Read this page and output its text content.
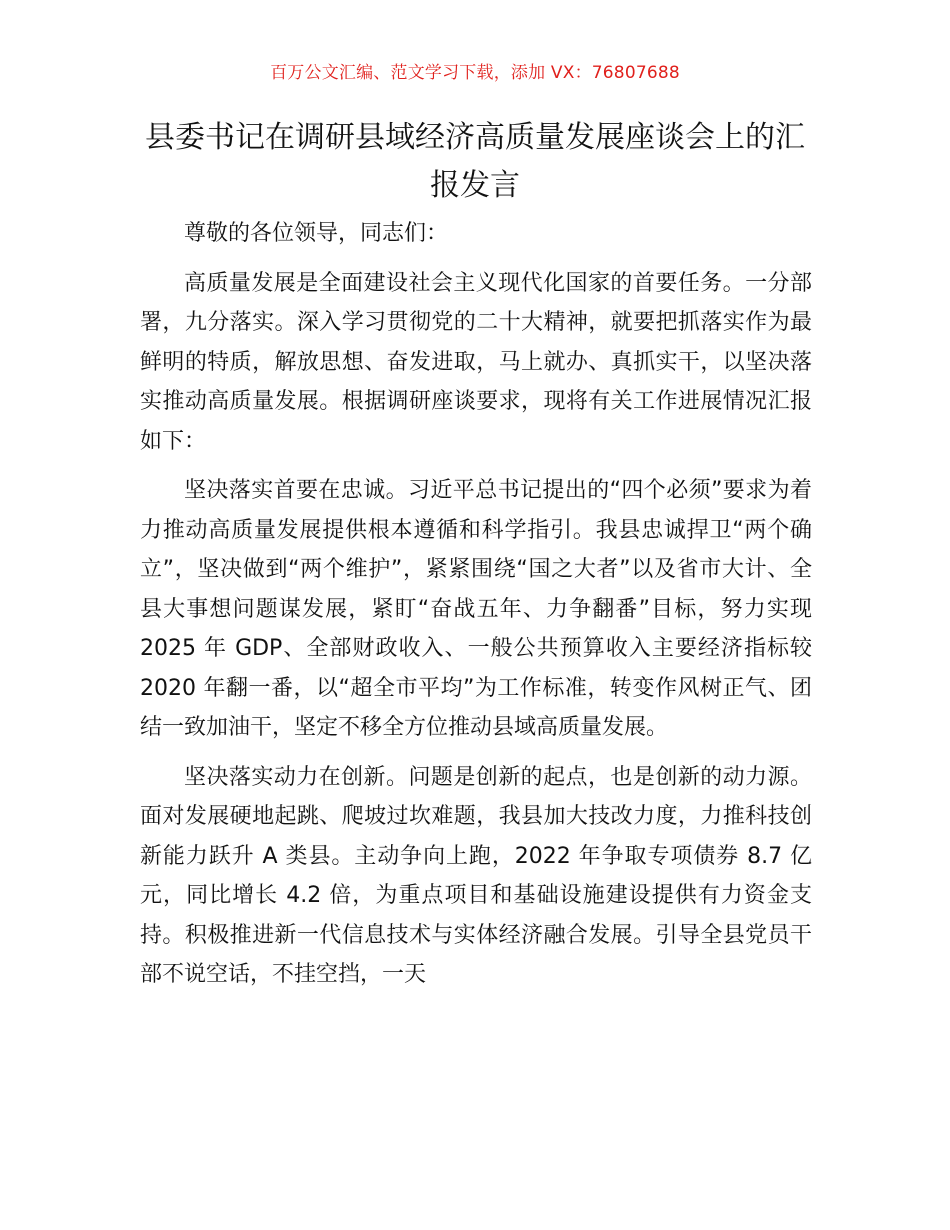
百万公文汇编、范文学习下载，添加 VX：76807688
县委书记在调研县域经济高质量发展座谈会上的汇报发言

尊敬的各位领导，同志们：

高质量发展是全面建设社会主义现代化国家的首要任务。一分部署，九分落实。深入学习贯彻党的二十大精神，就要把抓落实作为最鲜明的特质，解放思想、奋发进取，马上就办、真抓实干，以坚决落实推动高质量发展。根据调研座谈要求，现将有关工作进展情况汇报如下：

坚决落实首要在忠诚。习近平总书记提出的“四个必须”要求为着力推动高质量发展提供根本遵循和科学指引。我县忠诚捍卫“两个确立”，坚决做到“两个维护”，紧紧围绕“国之大者”以及省市大计、全县大事想问题谋发展，紧盯“奋战五年、力争翻番”目标，努力实现 2025 年 GDP、全部财政收入、一般公共预算收入主要经济指标较 2020 年翻一番，以“超全市平均”为工作标准，转变作风树正气、团结一致加油干，坚定不移全方位推动县域高质量发展。

坚决落实动力在创新。问题是创新的起点，也是创新的动力源。面对发展硬地起跳、爬坡过坎难题，我县加大技改力度，力推科技创新能力跃升 A 类县。主动争向上跑，2022 年争取专项债券 8.7 亿元，同比增长 4.2 倍，为重点项目和基础设施建设提供有力资金支持。积极推进新一代信息技术与实体经济融合发展。引导全县党员干部不说空话，不挂空挡，一天
